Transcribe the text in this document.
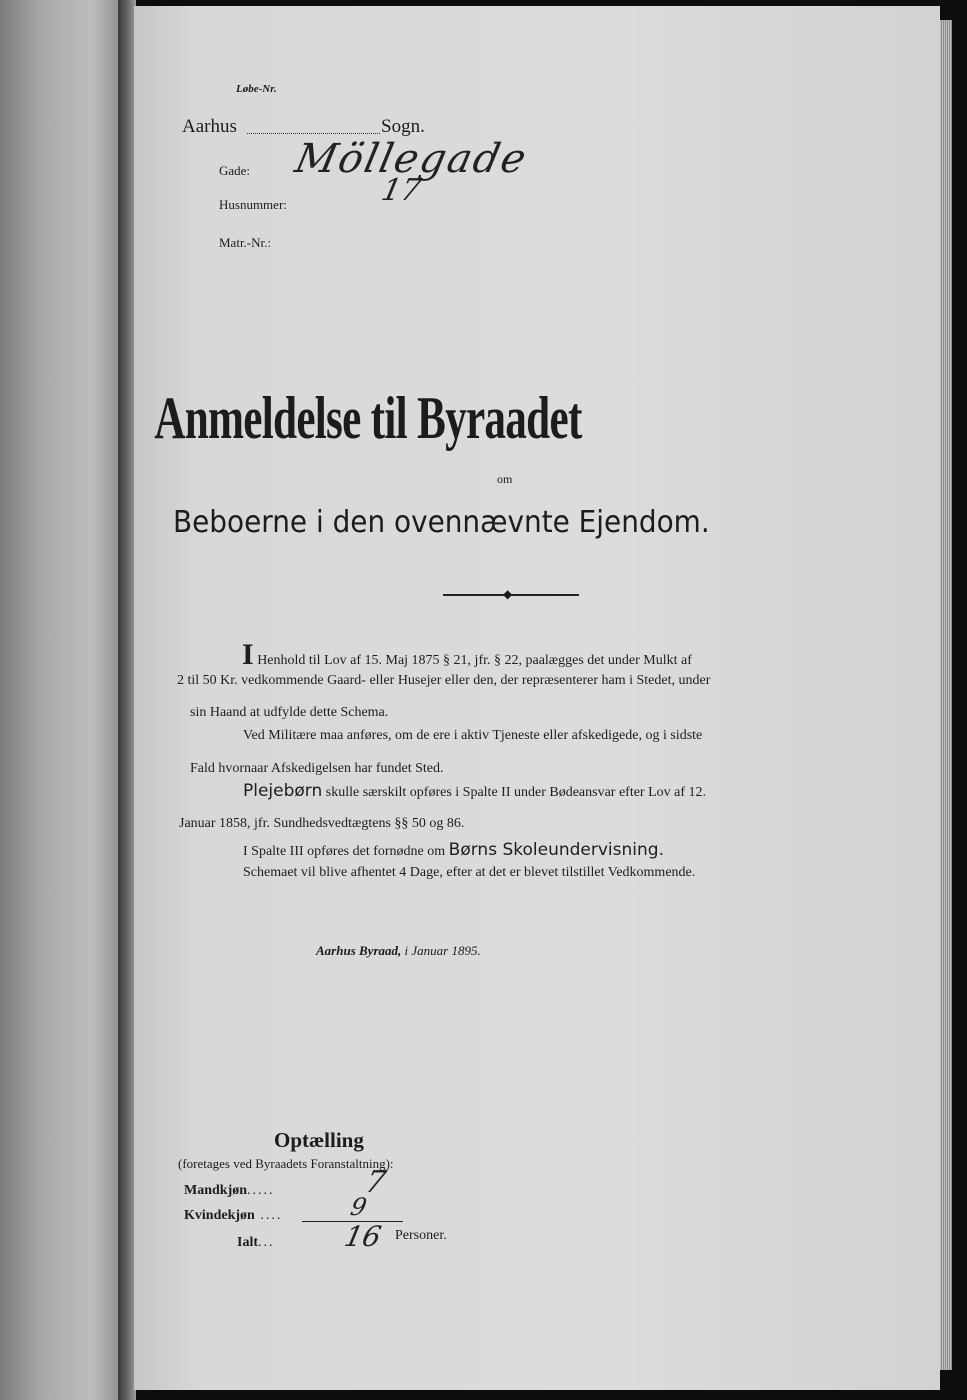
Løbe-Nr.
Aarhus	Sogn.
Gade: Möllegade
Husnummer:	17
Matr.-Nr.:
Anmeldelse til Byraadet
om
Beboerne i den ovennævnte Ejendom.
◆
I Henhold til Lov af 15. Maj 1875 § 21, jfr. § 22, paalægges det under Mulkt af
2 til 50 Kr. vedkommende Gaard- eller Husejer eller den, der repræsenterer ham i Stedet, under
sin Haand at udfylde dette Schema.
Ved Militære maa anføres, om de ere i aktiv Tjeneste eller afskedigede, og i sidste
Fald hvornaar Afskedigelsen har fundet Sted.
Plejebørn skulle særskilt opføres i Spalte II under Bødeansvar efter Lov af 12.
Januar 1858, jfr. Sundhedsvedtægtens §§ 50 og 86.
I Spalte III opføres det fornødne om Børns Skoleundervisning.
Schemaet vil blive afhentet 4 Dage, efter at det er blevet tilstillet Vedkommende.
Aarhus Byraad, i Januar 1895.
Optælling
(foretages ved Byraadets Foranstaltning):
Mandkjøn.....	7
Kvindekjøn ....	9
Ialt... 16 Personer.
